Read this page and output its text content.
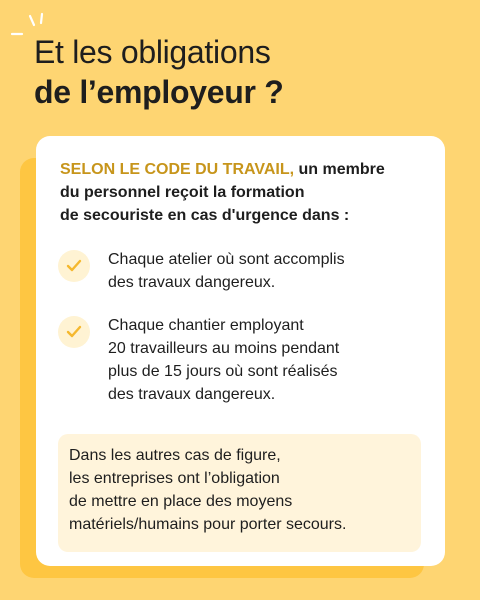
Et les obligations
de l’employeur ?

SELON LE CODE DU TRAVAIL, un membre
du personnel reçoit la formation
de secouriste en cas d'urgence dans :

Chaque atelier où sont accomplis
des travaux dangereux.

Chaque chantier employant
20 travailleurs au moins pendant
plus de 15 jours où sont réalisés
des travaux dangereux.

Dans les autres cas de figure,
les entreprises ont l’obligation
de mettre en place des moyens
matériels/humains pour porter secours.
